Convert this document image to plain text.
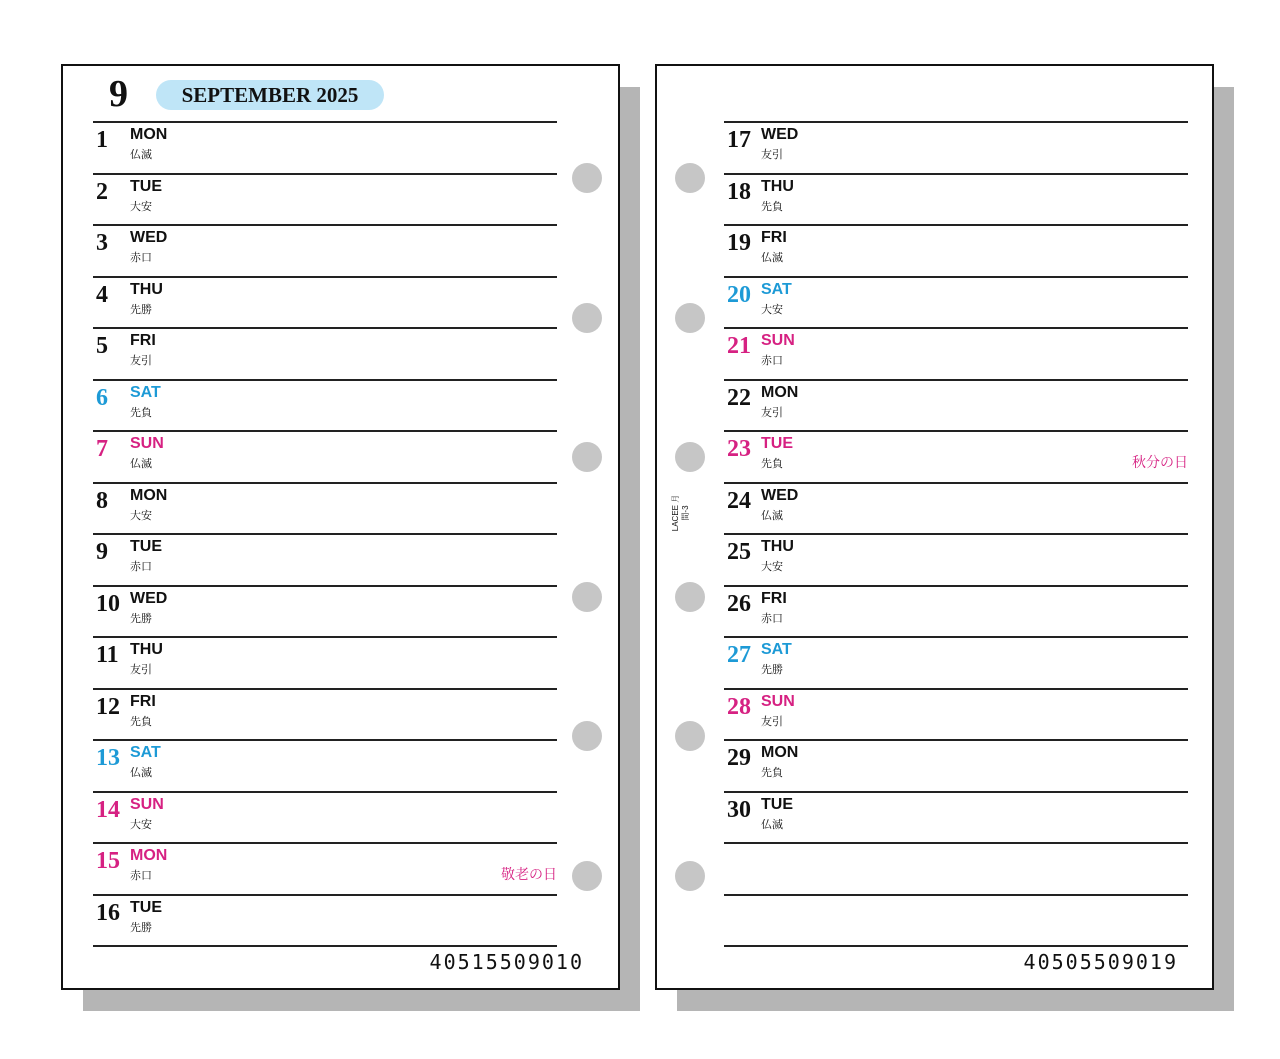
9	SEPTEMBER 2025
1 MON
仏滅
2 TUE
大安
3 WED
赤口
4 THU
先勝
5 FRI
友引
6 SAT
先負
7 SUN
仏滅
8 MON
大安
9 TUE
赤口
10 WED
先勝
11 THU
友引
12 FRI
先負
13 SAT
仏滅
14 SUN
大安
15 MON
赤口	敬老の日
16 TUE
先勝
40515509010
17 WED
友引
18 THU
先負
19 FRI
仏滅
20 SAT
大安
21 SUN
赤口
22 MON
友引
23 TUE
先負	秋分の日
24 WED
仏滅
25 THU
大安
26 FRI
赤口
27 SAT
先勝
28 SUN
友引
29 MON
先負
30 TUE
仏滅
LACEE 月間-3
40505509019
